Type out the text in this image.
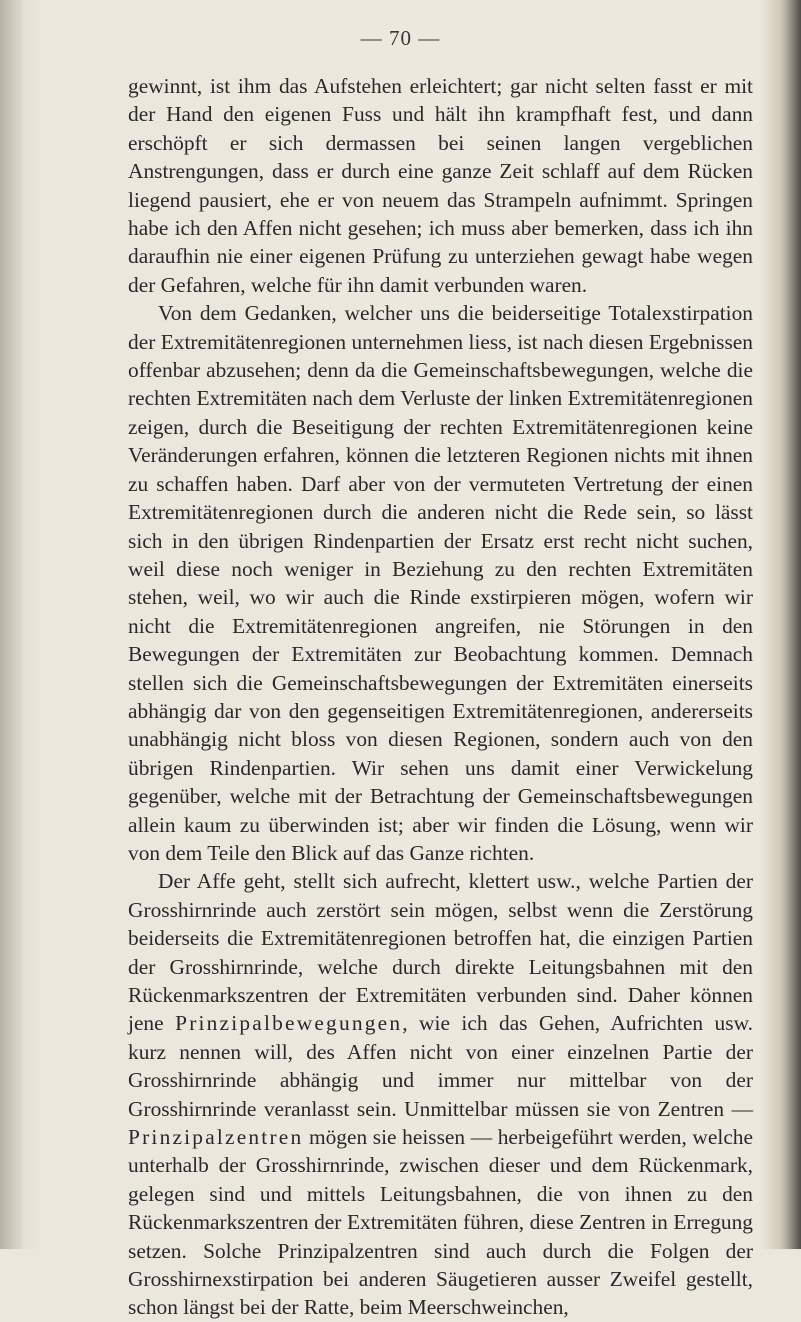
— 70 —

gewinnt, ist ihm das Aufstehen erleichtert; gar nicht selten fasst er mit der Hand den eigenen Fuss und hält ihn krampfhaft fest, und dann erschöpft er sich dermassen bei seinen langen vergeblichen Anstrengungen, dass er durch eine ganze Zeit schlaff auf dem Rücken liegend pausiert, ehe er von neuem das Strampeln aufnimmt. Springen habe ich den Affen nicht gesehen; ich muss aber bemerken, dass ich ihn daraufhin nie einer eigenen Prüfung zu unterziehen gewagt habe wegen der Gefahren, welche für ihn damit verbunden waren.

Von dem Gedanken, welcher uns die beiderseitige Totalexstirpation der Extremitätenregionen unternehmen liess, ist nach diesen Ergebnissen offenbar abzusehen; denn da die Gemeinschaftsbewegungen, welche die rechten Extremitäten nach dem Verluste der linken Extremitätenregionen zeigen, durch die Beseitigung der rechten Extremitätenregionen keine Veränderungen erfahren, können die letzteren Regionen nichts mit ihnen zu schaffen haben. Darf aber von der vermuteten Vertretung der einen Extremitätenregionen durch die anderen nicht die Rede sein, so lässt sich in den übrigen Rindenpartien der Ersatz erst recht nicht suchen, weil diese noch weniger in Beziehung zu den rechten Extremitäten stehen, weil, wo wir auch die Rinde exstirpieren mögen, wofern wir nicht die Extremitätenregionen angreifen, nie Störungen in den Bewegungen der Extremitäten zur Beobachtung kommen. Demnach stellen sich die Gemeinschaftsbewegungen der Extremitäten einerseits abhängig dar von den gegenseitigen Extremitätenregionen, andererseits unabhängig nicht bloss von diesen Regionen, sondern auch von den übrigen Rindenpartien. Wir sehen uns damit einer Verwickelung gegenüber, welche mit der Betrachtung der Gemeinschaftsbewegungen allein kaum zu überwinden ist; aber wir finden die Lösung, wenn wir von dem Teile den Blick auf das Ganze richten.

Der Affe geht, stellt sich aufrecht, klettert usw., welche Partien der Grosshirnrinde auch zerstört sein mögen, selbst wenn die Zerstörung beiderseits die Extremitätenregionen betroffen hat, die einzigen Partien der Grosshirnrinde, welche durch direkte Leitungsbahnen mit den Rückenmarkszentren der Extremitäten verbunden sind. Daher können jene Prinzipalbewegungen, wie ich das Gehen, Aufrichten usw. kurz nennen will, des Affen nicht von einer einzelnen Partie der Grosshirnrinde abhängig und immer nur mittelbar von der Grosshirnrinde veranlasst sein. Unmittelbar müssen sie von Zentren — Prinzipalzentren mögen sie heissen — herbeigeführt werden, welche unterhalb der Grosshirnrinde, zwischen dieser und dem Rückenmark, gelegen sind und mittels Leitungsbahnen, die von ihnen zu den Rückenmarkszentren der Extremitäten führen, diese Zentren in Erregung setzen. Solche Prinzipalzentren sind auch durch die Folgen der Grosshirnexstirpation bei anderen Säugetieren ausser Zweifel gestellt, schon längst bei der Ratte, beim Meerschweinchen,
